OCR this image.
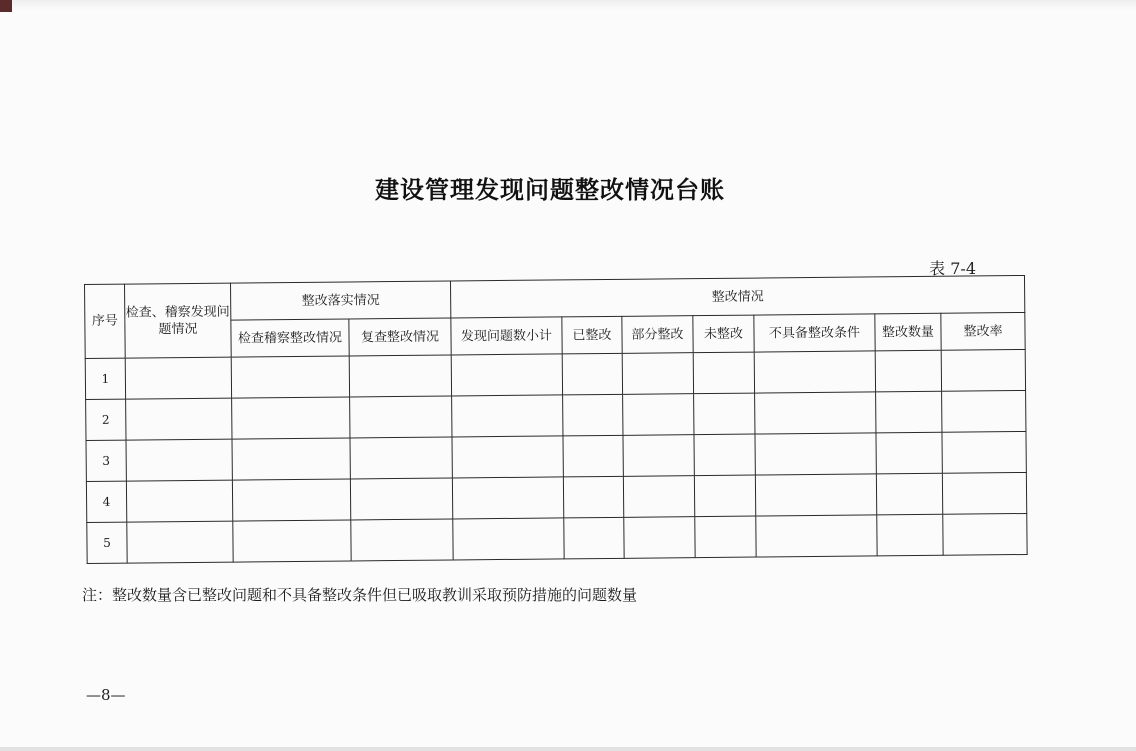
建设管理发现问题整改情况台账
表 7-4
序号	检查、稽察发现问题情况	整改落实情况		整改情况						
		检查稽察整改情况	复查整改情况	发现问题数小计	已整改	部分整改	未整改	不具备整改条件	整改数量	整改率
1										
2										
3										
4										
5										
注：整改数量含已整改问题和不具备整改条件但已吸取教训采取预防措施的问题数量
—8—
